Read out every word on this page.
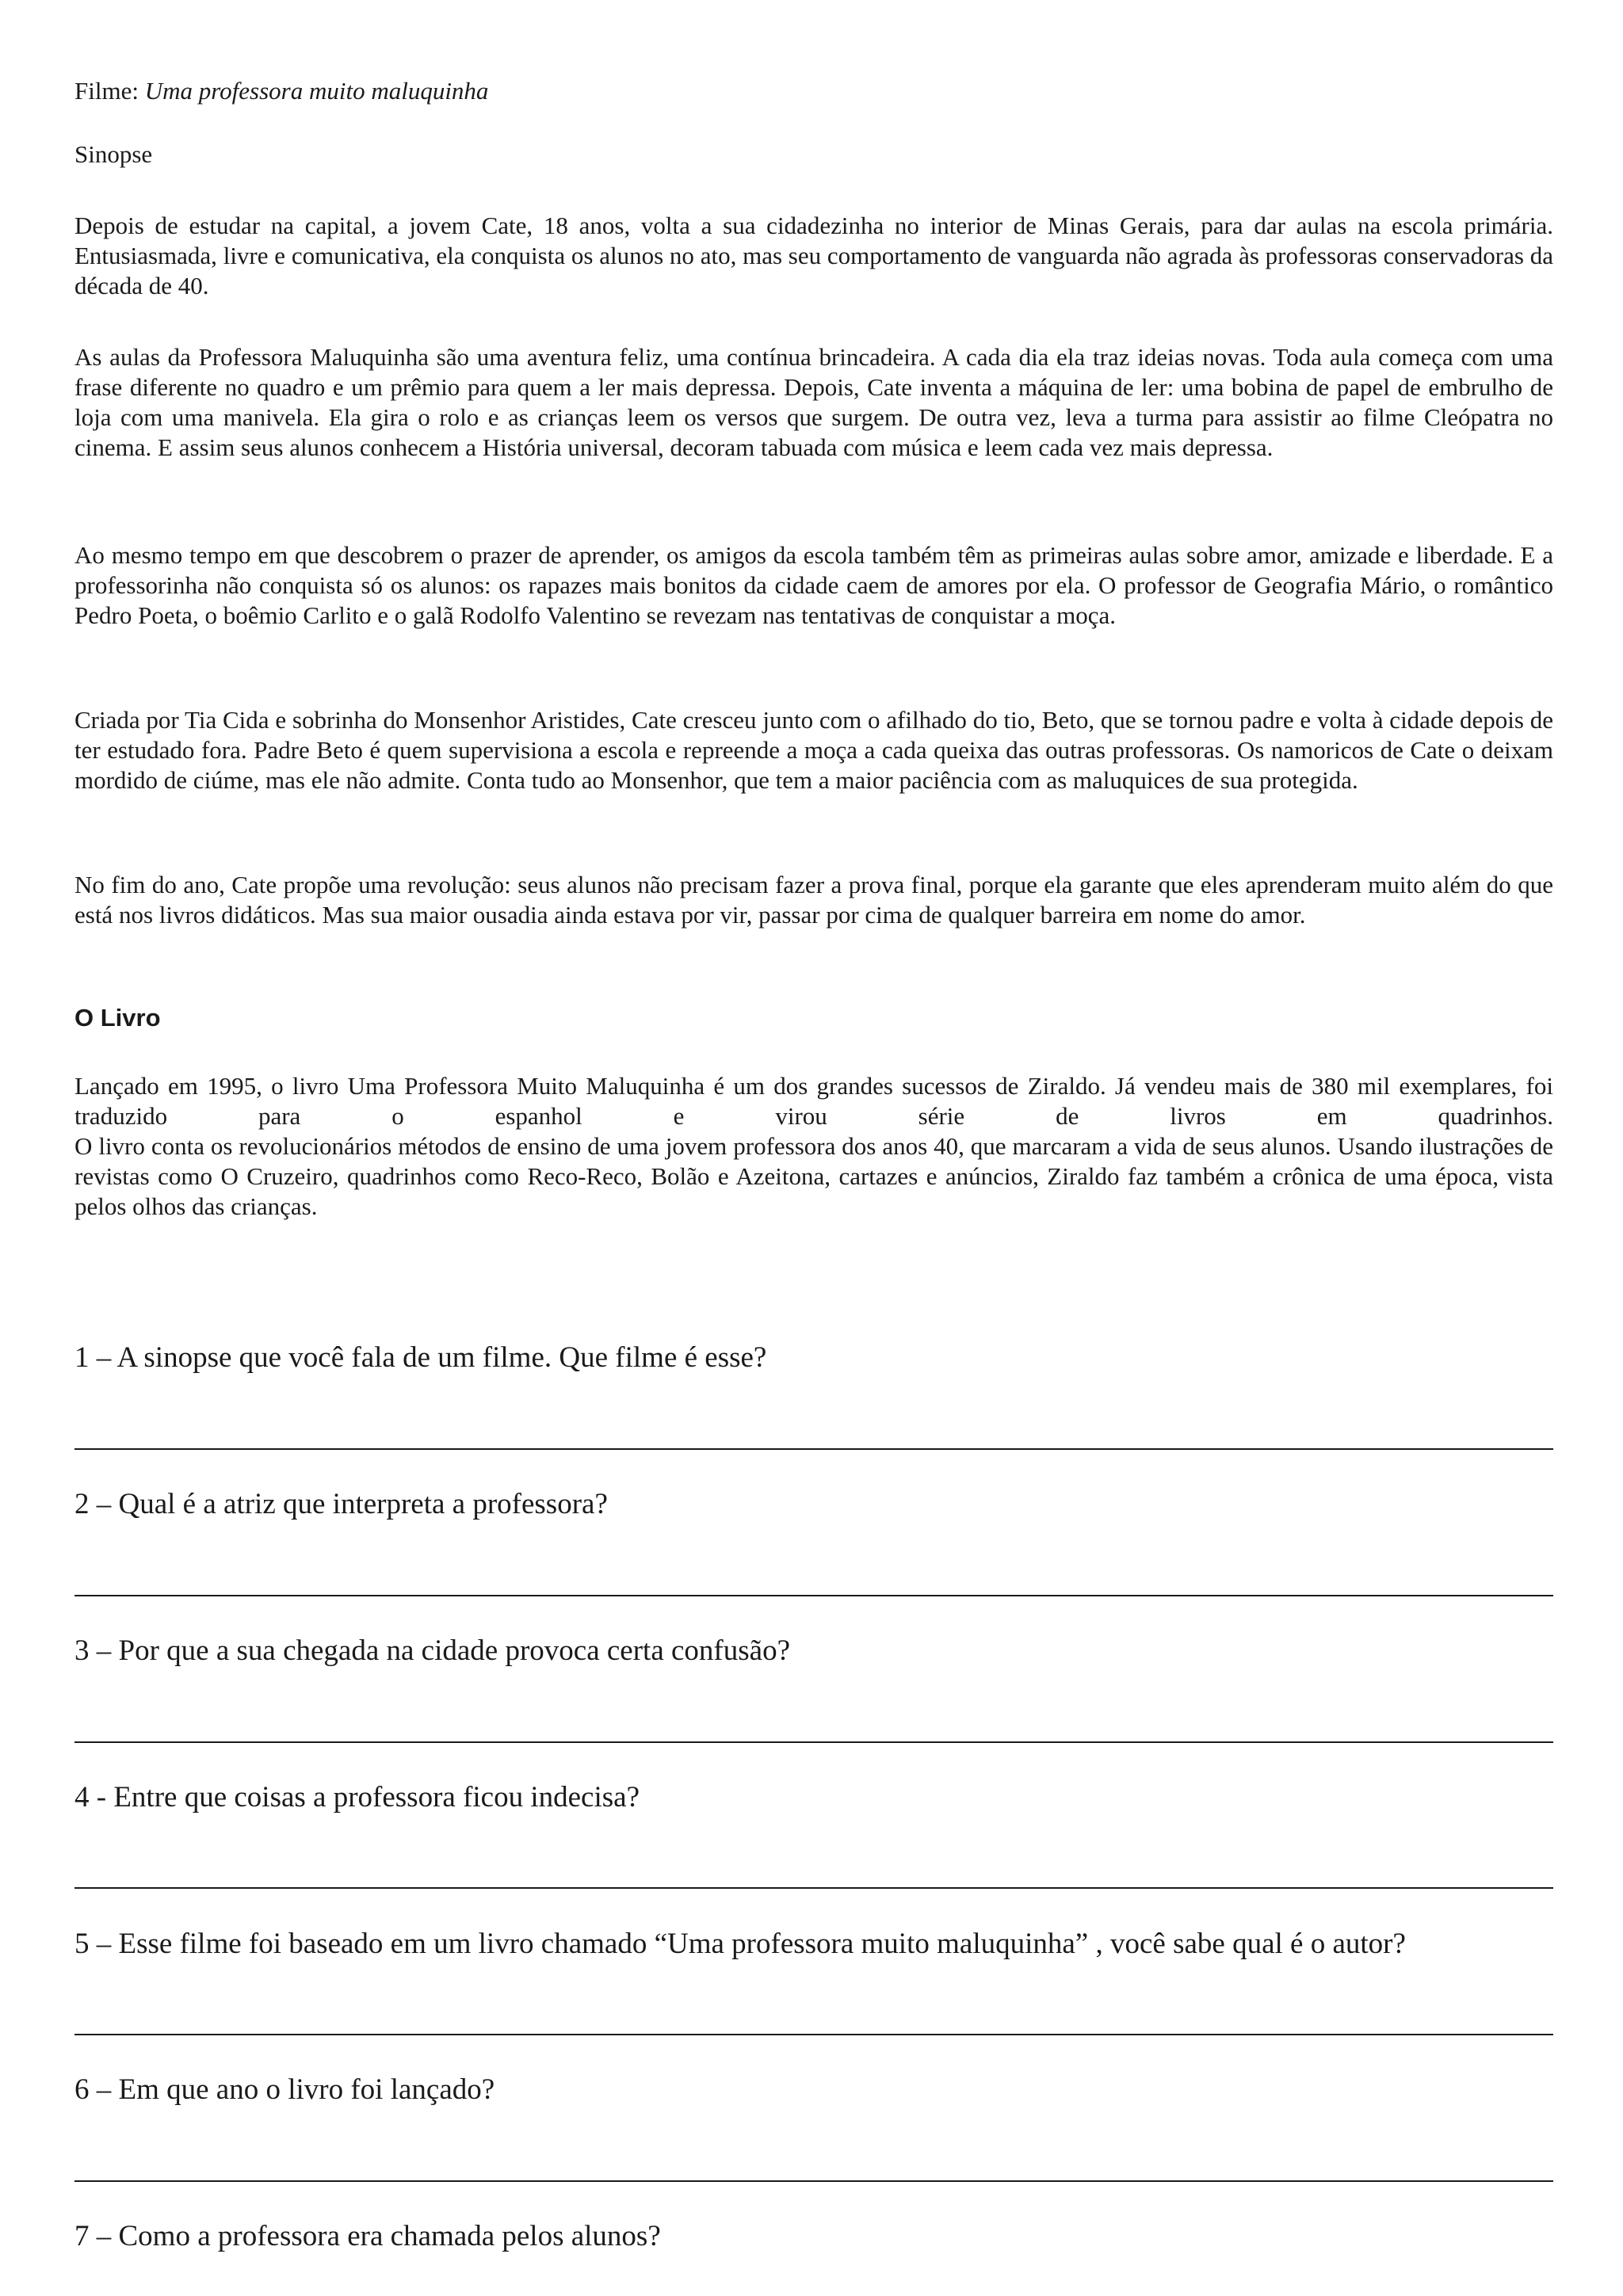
Filme: Uma professora muito maluquinha
Sinopse

Depois de estudar na capital, a jovem Cate, 18 anos, volta a sua cidadezinha no interior de Minas Gerais, para dar aulas na escola primária. Entusiasmada, livre e comunicativa, ela conquista os alunos no ato, mas seu comportamento de vanguarda não agrada às professoras conservadoras da década de 40.

As aulas da Professora Maluquinha são uma aventura feliz, uma contínua brincadeira. A cada dia ela traz ideias novas. Toda aula começa com uma frase diferente no quadro e um prêmio para quem a ler mais depressa. Depois, Cate inventa a máquina de ler: uma bobina de papel de embrulho de loja com uma manivela. Ela gira o rolo e as crianças leem os versos que surgem. De outra vez, leva a turma para assistir ao filme Cleópatra no cinema. E assim seus alunos conhecem a História universal, decoram tabuada com música e leem cada vez mais depressa.

Ao mesmo tempo em que descobrem o prazer de aprender, os amigos da escola também têm as primeiras aulas sobre amor, amizade e liberdade. E a professorinha não conquista só os alunos: os rapazes mais bonitos da cidade caem de amores por ela. O professor de Geografia Mário, o romântico Pedro Poeta, o boêmio Carlito e o galã Rodolfo Valentino se revezam nas tentativas de conquistar a moça.

Criada por Tia Cida e sobrinha do Monsenhor Aristides, Cate cresceu junto com o afilhado do tio, Beto, que se tornou padre e volta à cidade depois de ter estudado fora. Padre Beto é quem supervisiona a escola e repreende a moça a cada queixa das outras professoras. Os namoricos de Cate o deixam mordido de ciúme, mas ele não admite. Conta tudo ao Monsenhor, que tem a maior paciência com as maluquices de sua protegida.

No fim do ano, Cate propõe uma revolução: seus alunos não precisam fazer a prova final, porque ela garante que eles aprenderam muito além do que está nos livros didáticos. Mas sua maior ousadia ainda estava por vir, passar por cima de qualquer barreira em nome do amor.

O Livro

Lançado em 1995, o livro Uma Professora Muito Maluquinha é um dos grandes sucessos de Ziraldo. Já vendeu mais de 380 mil exemplares, foi traduzido para o espanhol e virou série de livros em quadrinhos.

O livro conta os revolucionários métodos de ensino de uma jovem professora dos anos 40, que marcaram a vida de seus alunos. Usando ilustrações de revistas como O Cruzeiro, quadrinhos como Reco-Reco, Bolão e Azeitona, cartazes e anúncios, Ziraldo faz também a crônica de uma época, vista pelos olhos das crianças.

1 – A sinopse que você fala de um filme. Que filme é esse?
2 – Qual é a atriz que interpreta a professora?
3 – Por que a sua chegada na cidade provoca certa confusão?
4 - Entre que coisas a professora ficou indecisa?
5 – Esse filme foi baseado em um livro chamado “Uma professora muito maluquinha” , você sabe qual é o autor?
6 – Em que ano o livro foi lançado?
7 – Como a professora era chamada pelos alunos?
